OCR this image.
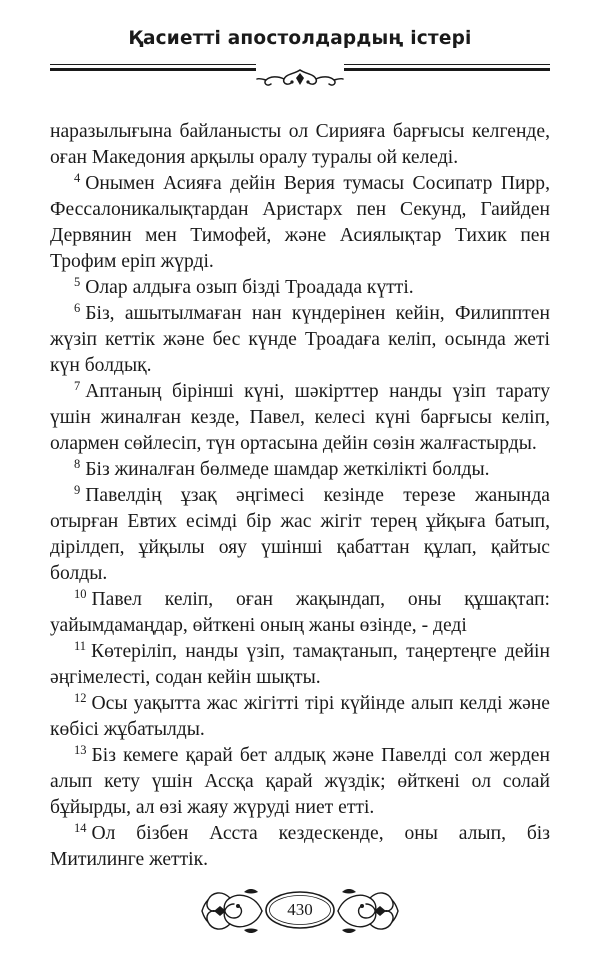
Қасиетті апостолдардың істері

наразылығына байланысты ол Сирияға барғысы келгенде, оған Македония арқылы оралу туралы ой келеді.

$^4$ Онымен Асияға дейін Верия тумасы Сосипатр Пирр, Фессалоникалықтардан Аристарх пен Секунд, Гаийден Дервянин мен Тимофей, және Асиялықтар Тихик пен Трофим еріп жүрді.

$^5$ Олар алдыға озып бізді Троадада күтті.

$^6$ Біз, ашытылмаған нан күндерінен кейін, Филипптен жүзіп кеттік және бес күнде Троадаға келіп, осында жеті күн болдық.

$^7$ Аптаның бірінші күні, шәкірттер нанды үзіп тарату үшін жиналған кезде, Павел, келесі күні барғысы келіп, олармен сөйлесіп, түн ортасына дейін сөзін жалғастырды.

$^8$ Біз жиналған бөлмеде шамдар жеткілікті болды.

$^9$ Павелдің ұзақ әңгімесі кезінде терезе жанында отырған Евтих есімді бір жас жігіт терең ұйқыға батып, дірілдеп, ұйқылы ояу үшінші қабаттан құлап, қайтыс болды.

$^{10}$ Павел келіп, оған жақындап, оны құшақтап: уайымдамаңдар, өйткені оның жаны өзінде, - деді

$^{11}$ Көтеріліп, нанды үзіп, тамақтанып, таңертеңге дейін әңгімелесті, содан кейін шықты.

$^{12}$ Осы уақытта жас жігітті тірі күйінде алып келді және көбісі жұбатылды.

$^{13}$ Біз кемеге қарай бет алдық және Павелді сол жерден алып кету үшін Ассқа қарай жүздік; өйткені ол солай бұйырды, ал өзі жаяу жүруді ниет етті.

$^{14}$ Ол бізбен Асста кездескенде, оны алып, біз Митилинге жеттік.

430
